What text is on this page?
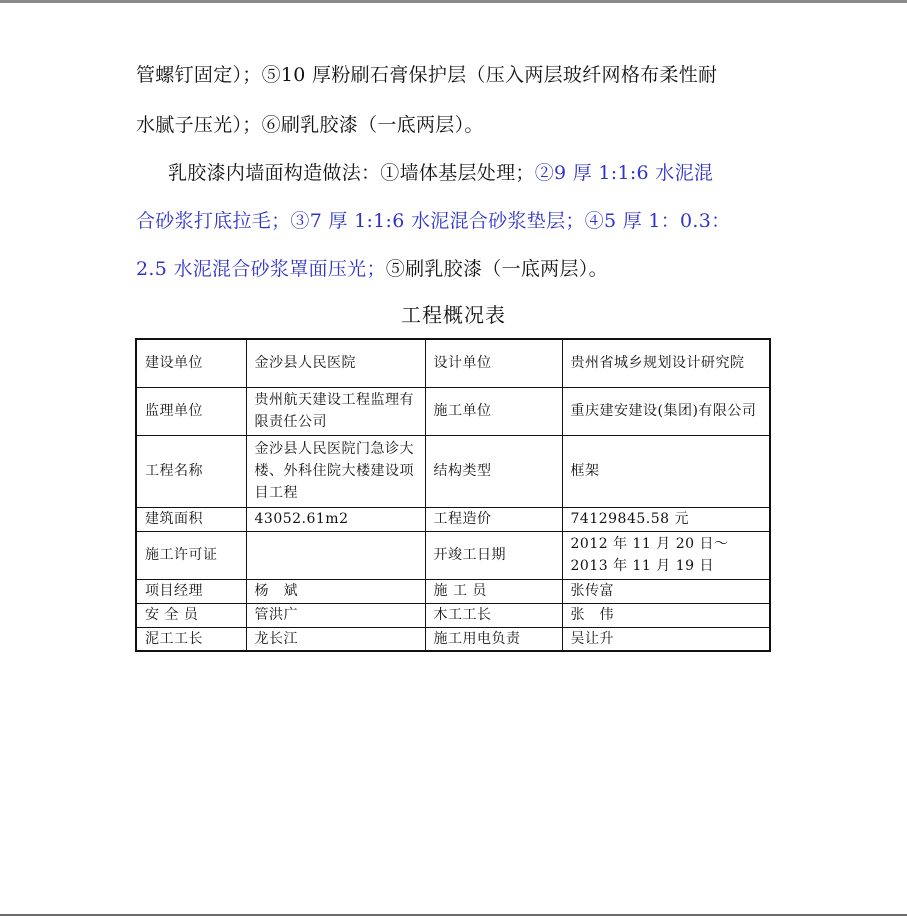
管螺钉固定）；⑤10 厚粉刷石膏保护层（压入两层玻纤网格布柔性耐
水腻子压光）；⑥刷乳胶漆（一底两层）。
乳胶漆内墙面构造做法：①墙体基层处理；②9 厚 1:1:6 水泥混
合砂浆打底拉毛；③7 厚 1:1:6 水泥混合砂浆垫层；④5 厚 1：0.3：
2.5 水泥混合砂浆罩面压光；⑤刷乳胶漆（一底两层）。
工程概况表
建设单位	金沙县人民医院	设计单位	贵州省城乡规划设计研究院
监理单位	贵州航天建设工程监理有限责任公司	施工单位	重庆建安建设(集团)有限公司
工程名称	金沙县人民医院门急诊大楼、外科住院大楼建设项目工程	结构类型	框架
建筑面积	43052.61m2	工程造价	74129845.58 元
施工许可证		开竣工日期	2012 年 11 月 20 日～2013 年 11 月 19 日
项目经理	杨　斌	施 工 员	张传富
安 全 员	管洪广	木工工长	张　伟
泥工工长	龙长江	施工用电负责	吴让升
